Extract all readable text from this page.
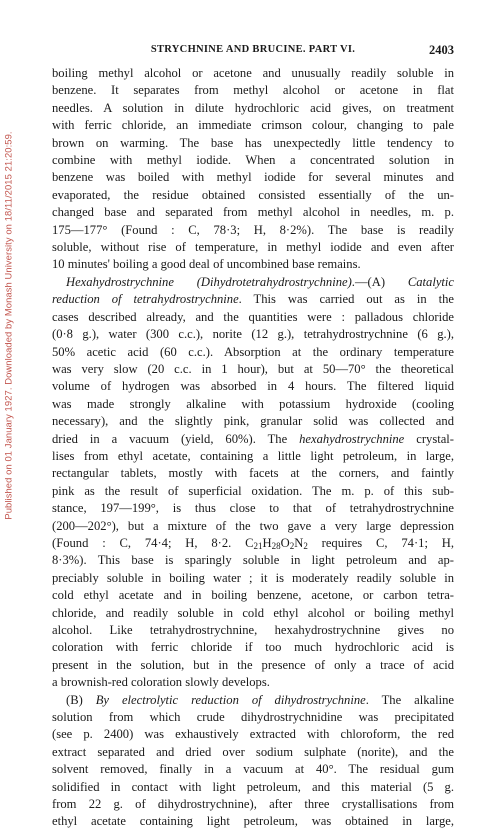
Published on 01 January 1927. Downloaded by Monash University on 18/11/2015 21:20:59.
STRYCHNINE AND BRUCINE. PART VI.	2403
boiling methyl alcohol or acetone and unusually readily soluble in
benzene. It separates from methyl alcohol or acetone in flat
needles. A solution in dilute hydrochloric acid gives, on treatment
with ferric chloride, an immediate crimson colour, changing to pale
brown on warming. The base has unexpectedly little tendency to
combine with methyl iodide. When a concentrated solution in
benzene was boiled with methyl iodide for several minutes and
evaporated, the residue obtained consisted essentially of the un-
changed base and separated from methyl alcohol in needles, m. p.
175—177° (Found : C, 78·3; H, 8·2%). The base is readily
soluble, without rise of temperature, in methyl iodide and even after
10 minutes' boiling a good deal of uncombined base remains.
Hexahydrostrychnine (Dihydrotetrahydrostrychnine).—(A) Catalytic
reduction of tetrahydrostrychnine. This was carried out as in the
cases described already, and the quantities were : palladous chloride
(0·8 g.), water (300 c.c.), norite (12 g.), tetrahydrostrychnine (6 g.),
50% acetic acid (60 c.c.). Absorption at the ordinary temperature
was very slow (20 c.c. in 1 hour), but at 50—70° the theoretical
volume of hydrogen was absorbed in 4 hours. The filtered liquid
was made strongly alkaline with potassium hydroxide (cooling
necessary), and the slightly pink, granular solid was collected and
dried in a vacuum (yield, 60%). The hexahydrostrychnine crystal-
lises from ethyl acetate, containing a little light petroleum, in large,
rectangular tablets, mostly with facets at the corners, and faintly
pink as the result of superficial oxidation. The m. p. of this sub-
stance, 197—199°, is thus close to that of tetrahydrostrychnine
(200—202°), but a mixture of the two gave a very large depression
(Found : C, 74·4; H, 8·2. $C_{21}H_{28}O_2N_2$ requires C, 74·1; H,
8·3%). This base is sparingly soluble in light petroleum and ap-
preciably soluble in boiling water ; it is moderately readily soluble in
cold ethyl acetate and in boiling benzene, acetone, or carbon tetra-
chloride, and readily soluble in cold ethyl alcohol or boiling methyl
alcohol. Like tetrahydrostrychnine, hexahydrostrychnine gives no
coloration with ferric chloride if too much hydrochloric acid is
present in the solution, but in the presence of only a trace of acid
a brownish-red coloration slowly develops.
(B) By electrolytic reduction of dihydrostrychnine. The alkaline
solution from which crude dihydrostrychnidine was precipitated
(see p. 2400) was exhaustively extracted with chloroform, the red
extract separated and dried over sodium sulphate (norite), and the
solvent removed, finally in a vacuum at 40°. The residual gum
solidified in contact with light petroleum, and this material (5 g.
from 22 g. of dihydrostrychnine), after three crystallisations from
ethyl acetate containing light petroleum, was obtained in large,
